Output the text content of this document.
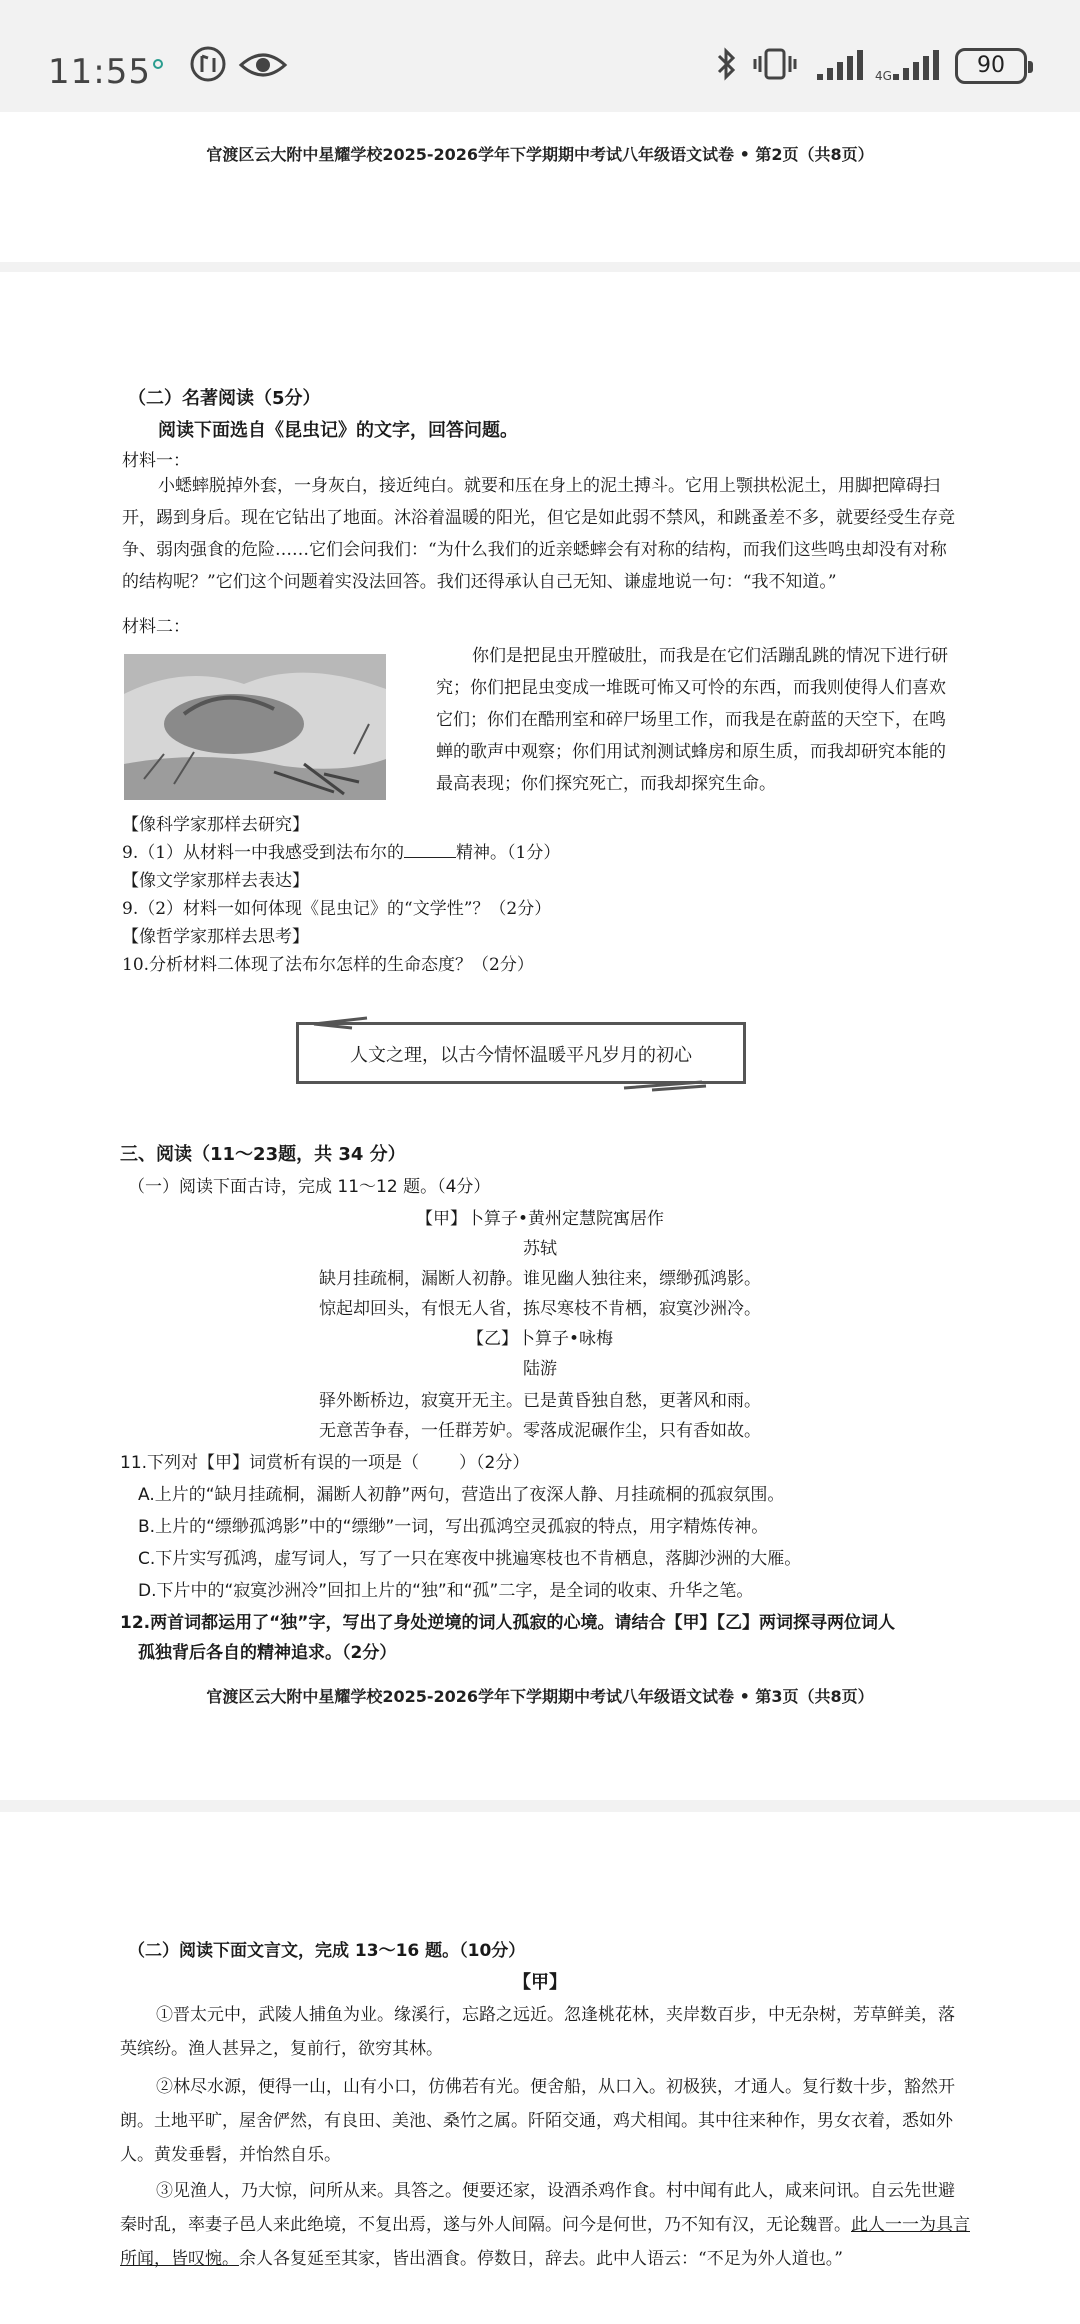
11:55	4G	90
官渡区云大附中星耀学校2025-2026学年下学期期中考试八年级语文试卷 • 第2页（共8页）
（二）名著阅读（5分）
阅读下面选自《昆虫记》的文字，回答问题。
材料一：
小蟋蟀脱掉外套，一身灰白，接近纯白。就要和压在身上的泥土搏斗。它用上颚拱松泥土，用脚把障碍扫开，踢到身后。现在它钻出了地面。沐浴着温暖的阳光，但它是如此弱不禁风，和跳蚤差不多，就要经受生存竞争、弱肉强食的危险……它们会问我们：“为什么我们的近亲蟋蟀会有对称的结构，而我们这些鸣虫却没有对称的结构呢？”它们这个问题着实没法回答。我们还得承认自己无知、谦虚地说一句：“我不知道。”
材料二：
你们是把昆虫开膛破肚，而我是在它们活蹦乱跳的情况下进行研究；你们把昆虫变成一堆既可怖又可怜的东西，而我则使得人们喜欢它们；你们在酷刑室和碎尸场里工作，而我是在蔚蓝的天空下，在鸣蝉的歌声中观察；你们用试剂测试蜂房和原生质，而我却研究本能的最高表现；你们探究死亡，而我却探究生命。
【像科学家那样去研究】
9.（1）从材料一中我感受到法布尔的	精神。（1分）
【像文学家那样去表达】
9.（2）材料一如何体现《昆虫记》的“文学性”？（2分）
【像哲学家那样去思考】
10.分析材料二体现了法布尔怎样的生命态度？（2分）
人文之理，以古今情怀温暖平凡岁月的初心
三、阅读（11～23题，共 34 分）
（一）阅读下面古诗，完成 11～12 题。（4分）
【甲】卜算子•黄州定慧院寓居作
苏轼
缺月挂疏桐，漏断人初静。谁见幽人独往来，缥缈孤鸿影。
惊起却回头，有恨无人省，拣尽寒枝不肯栖，寂寞沙洲冷。
【乙】卜算子•咏梅
陆游
驿外断桥边，寂寞开无主。已是黄昏独自愁，更著风和雨。
无意苦争春，一任群芳妒。零落成泥碾作尘，只有香如故。
11.下列对【甲】词赏析有误的一项是（ ）（2分）
A.上片的“缺月挂疏桐，漏断人初静”两句，营造出了夜深人静、月挂疏桐的孤寂氛围。
B.上片的“缥缈孤鸿影”中的“缥缈”一词，写出孤鸿空灵孤寂的特点，用字精炼传神。
C.下片实写孤鸿，虚写词人，写了一只在寒夜中挑遍寒枝也不肯栖息，落脚沙洲的大雁。
D.下片中的“寂寞沙洲冷”回扣上片的“独”和“孤”二字，是全词的收束、升华之笔。
12.两首词都运用了“独”字，写出了身处逆境的词人孤寂的心境。请结合【甲】【乙】两词探寻两位词人
孤独背后各自的精神追求。（2分）
官渡区云大附中星耀学校2025-2026学年下学期期中考试八年级语文试卷 • 第3页（共8页）
（二）阅读下面文言文，完成 13～16 题。（10分）
【甲】
①晋太元中，武陵人捕鱼为业。缘溪行，忘路之远近。忽逢桃花林，夹岸数百步，中无杂树，芳草鲜美，落英缤纷。渔人甚异之，复前行，欲穷其林。
②林尽水源，便得一山，山有小口，仿佛若有光。便舍船，从口入。初极狭，才通人。复行数十步，豁然开朗。土地平旷，屋舍俨然，有良田、美池、桑竹之属。阡陌交通，鸡犬相闻。其中往来种作，男女衣着，悉如外人。黄发垂髫，并怡然自乐。
③见渔人，乃大惊，问所从来。具答之。便要还家，设酒杀鸡作食。村中闻有此人，咸来问讯。自云先世避秦时乱，率妻子邑人来此绝境，不复出焉，遂与外人间隔。问今是何世，乃不知有汉，无论魏晋。此人一一为具言所闻，皆叹惋。余人各复延至其家，皆出酒食。停数日，辞去。此中人语云：“不足为外人道也。”
